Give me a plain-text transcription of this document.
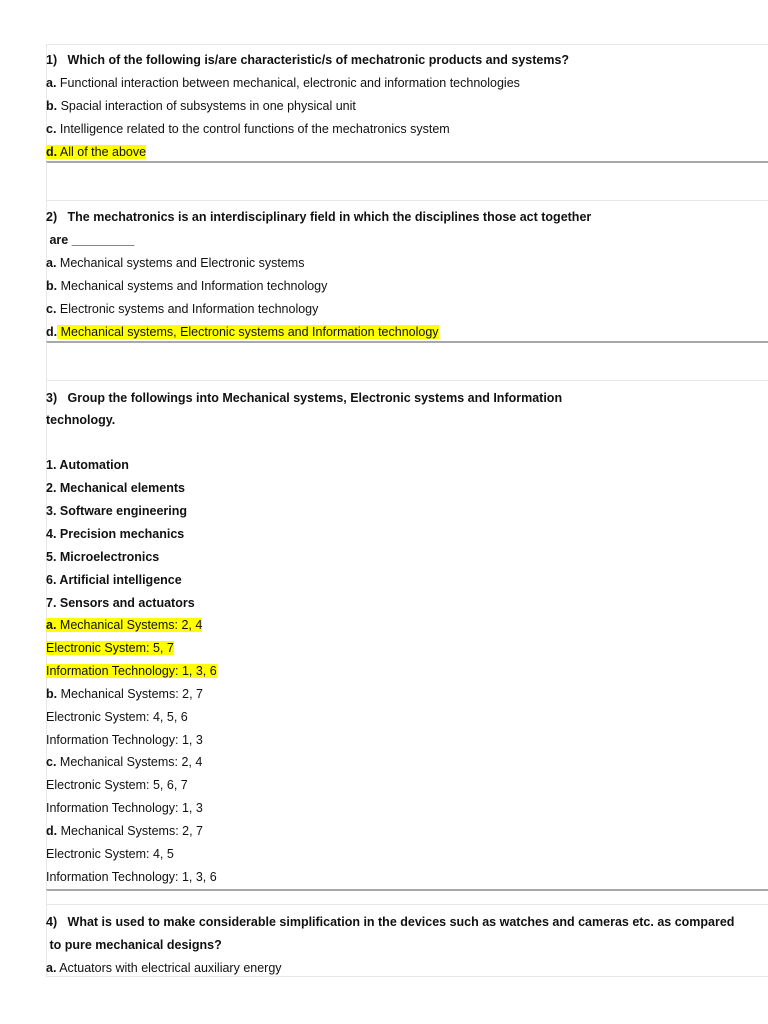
1)   Which of the following is/are characteristic/s of mechatronic products and systems?
a. Functional interaction between mechanical, electronic and information technologies
b. Spacial interaction of subsystems in one physical unit
c. Intelligence related to the control functions of the mechatronics system
d. All of the above
2)   The mechatronics is an interdisciplinary field in which the disciplines those act together
are _________
a. Mechanical systems and Electronic systems
b. Mechanical systems and Information technology
c. Electronic systems and Information technology
d. Mechanical systems, Electronic systems and Information technology
3)   Group the followings into Mechanical systems, Electronic systems and Information
technology.
1. Automation
2. Mechanical elements
3. Software engineering
4. Precision mechanics
5. Microelectronics
6. Artificial intelligence
7. Sensors and actuators
a. Mechanical Systems: 2, 4
Electronic System: 5, 7
Information Technology: 1, 3, 6
b. Mechanical Systems: 2, 7
Electronic System: 4, 5, 6
Information Technology: 1, 3
c. Mechanical Systems: 2, 4
Electronic System: 5, 6, 7
Information Technology: 1, 3
d. Mechanical Systems: 2, 7
Electronic System: 4, 5
Information Technology: 1, 3, 6
4)   What is used to make considerable simplification in the devices such as watches and cameras etc. as compared
to pure mechanical designs?
a. Actuators with electrical auxiliary energy
